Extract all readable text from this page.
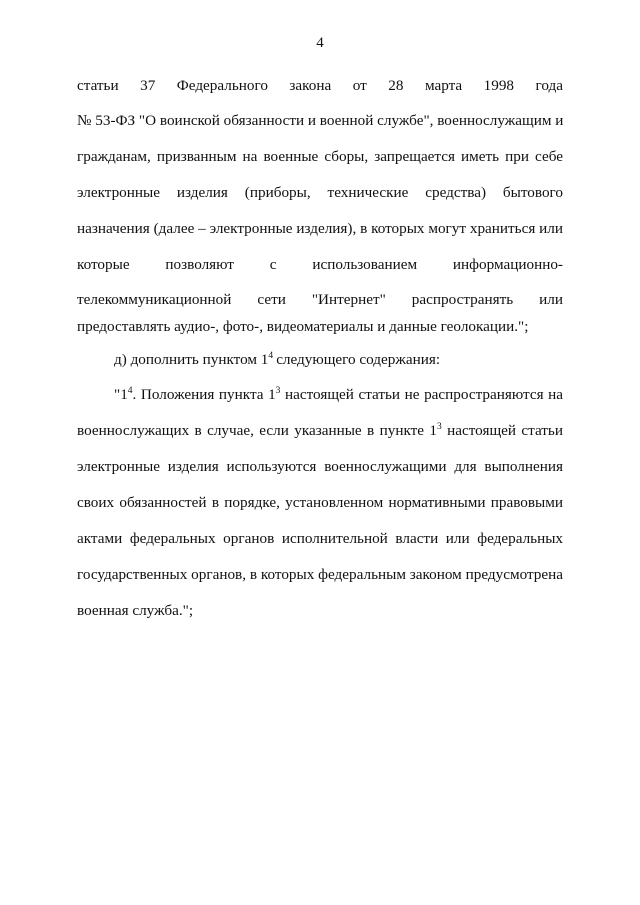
4
статьи 37 Федерального закона от 28 марта 1998 года
№ 53-ФЗ "О воинской обязанности и военной службе", военнослужащим и
гражданам, призванным на военные сборы, запрещается иметь при себе
электронные изделия (приборы, технические средства) бытового
назначения (далее – электронные изделия), в которых могут храниться или
которые позволяют с использованием информационно-
телекоммуникационной сети "Интернет" распространять или
предоставлять аудио-, фото-, видеоматериалы и данные геолокации.";
д) дополнить пунктом $1^4$  следующего содержания:
"$1^4$. Положения пункта $1^3$ настоящей статьи не распространяются на
военнослужащих в случае, если указанные в пункте $1^3$ настоящей статьи
электронные изделия используются военнослужащими для выполнения
своих обязанностей в порядке, установленном нормативными правовыми
актами федеральных органов исполнительной власти или федеральных
государственных органов, в которых федеральным законом предусмотрена
военная служба.";
